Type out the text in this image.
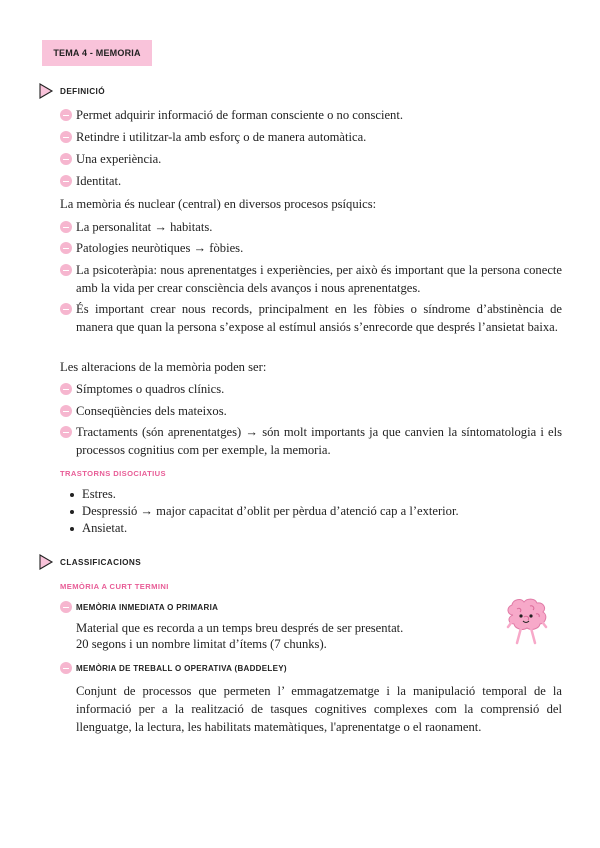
TEMA 4 - MEMORIA
DEFINICIÓ
Permet adquirir informació de forman consciente o no conscient.
Retindre i utilitzar-la amb esforç o de manera automàtica.
Una experiència.
Identitat.
La memòria és nuclear (central) en diversos procesos psíquics:
La personalitat → habitats.
Patologies neuròtiques → fòbies.
La psicoteràpia: nous aprenentatges i experiències, per això és important que la persona conecte amb la vida per crear consciència dels avanços i nous aprenentatges.
És important crear nous records, principalment en les fòbies o síndrome d’abstinència de manera que quan la persona s’expose al estímul ansiós s’enrecorde que després l’ansietat baixa.
Les alteracions de la memòria poden ser:
Símptomes o quadros clínics.
Conseqüències dels mateixos.
Tractaments (són aprenentatges) → són molt importants ja que canvien la síntomatologia i els processos cognitius com per exemple, la memoria.
TRASTORNS DISOCIATIUS
Estres.
Despressió → major capacitat d’oblit per pèrdua d’atenció cap a l’exterior.
Ansietat.
CLASSIFICACIONS
MEMÒRIA A CURT TERMINI
MEMÒRIA INMEDIATA O PRIMARIA
Material que es recorda a un temps breu després de ser presentat.
20 segons i un nombre limitat d’ítems (7 chunks).
MEMÒRIA DE TREBALL O OPERATIVA (BADDELEY)
Conjunt de processos que permeten l’ emmagatzematge i la manipulació temporal de la informació per a la realització de tasques cognitives complexes com la comprensió del llenguatge, la lectura, les habilitats matemàtiques, l'aprenentatge o el raonament.
